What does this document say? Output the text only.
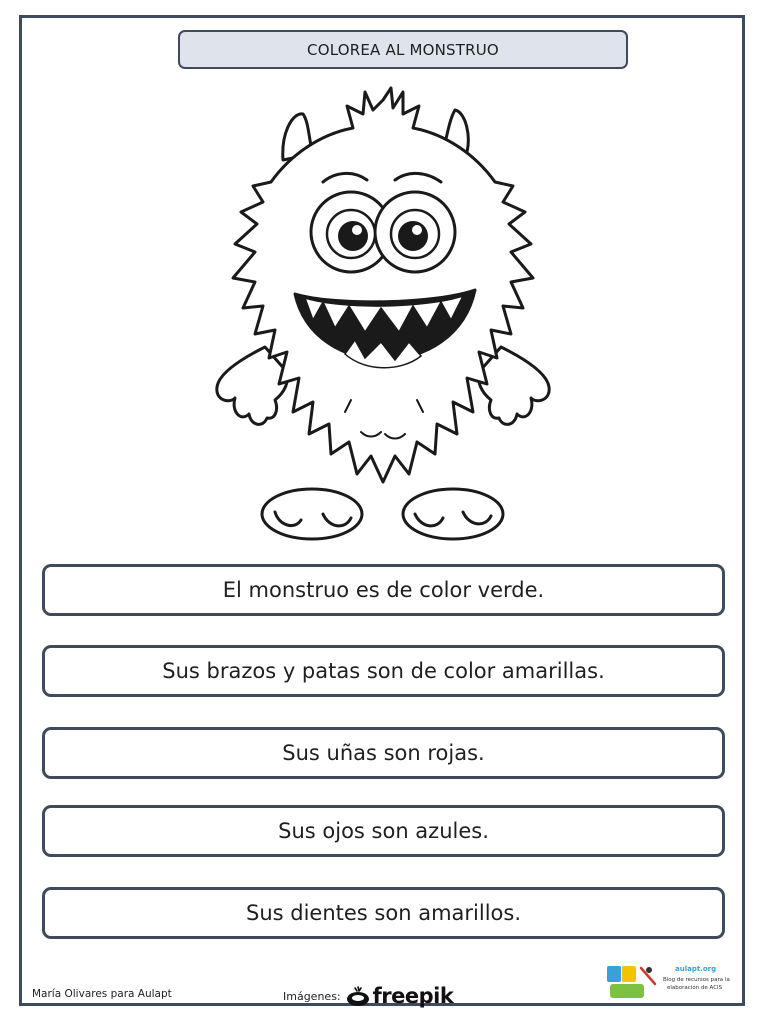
COLOREA AL MONSTRUO
El monstruo es de color verde.
Sus brazos y patas son de color amarillas.
Sus uñas son rojas.
Sus ojos son azules.
Sus dientes son amarillos.
María Olivares para Aulapt	Imágenes: freepik
aulapt.org
Blog de recursos para la
elaboración de ACIS
